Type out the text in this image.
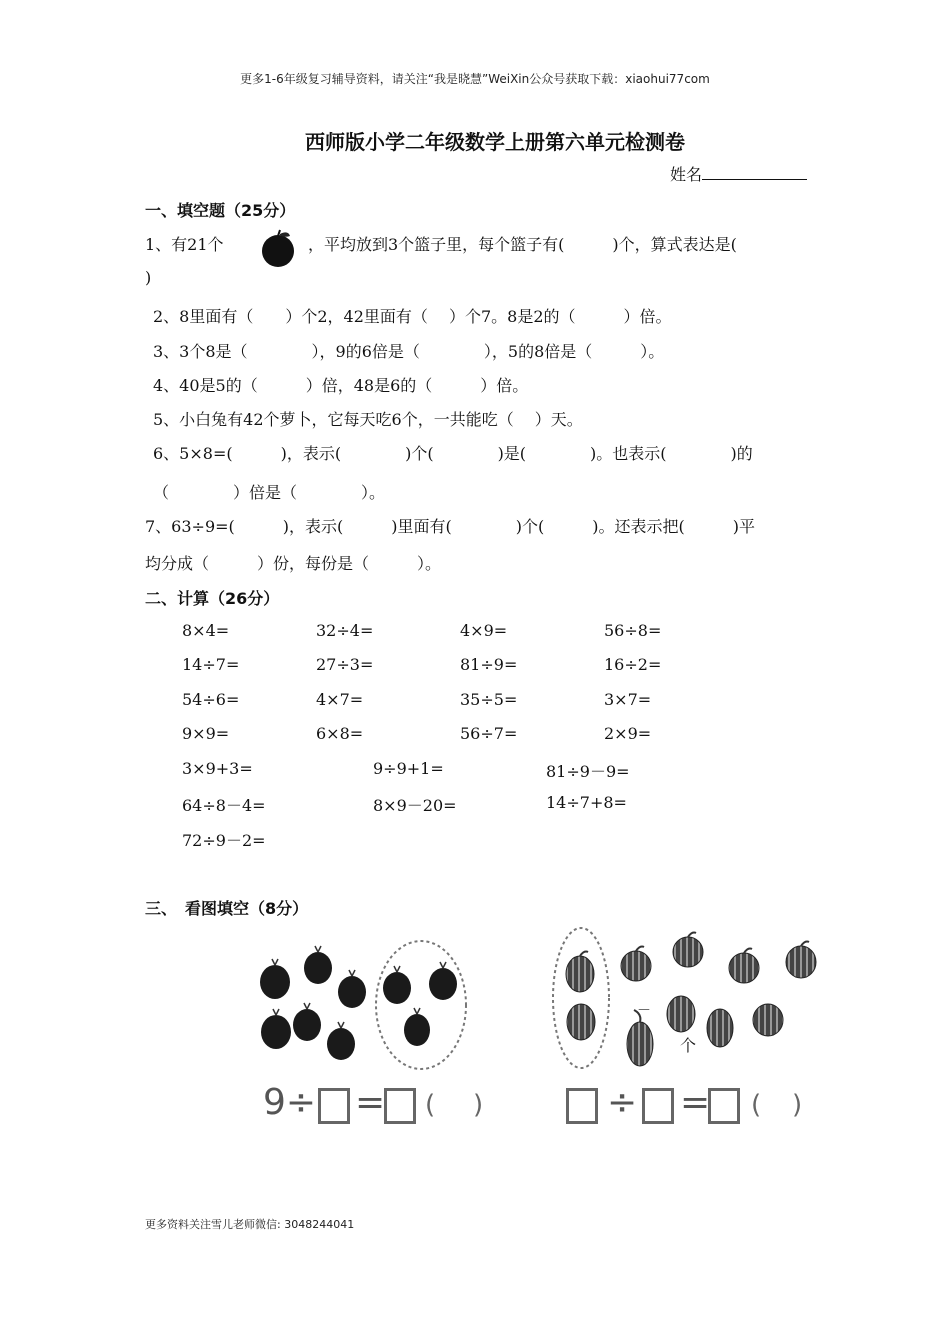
更多1-6年级复习辅导资料，请关注“我是晓慧”WeiXin公众号获取下载：xiaohui77com
西师版小学二年级数学上册第六单元检测卷
姓名
一、填空题（25分）
1、有21个	，平均放到3个篮子里，每个篮子有(　　　)个，算式表达是(
)
2、8里面有（　　）个2，42里面有（　 ）个7。8是2的（　　　）倍。
3、3个8是（　　　　），9的6倍是（　　　　），5的8倍是（　　　）。
4、40是5的（　　　）倍，48是6的（　　　）倍。
5、小白兔有42个萝卜，它每天吃6个，一共能吃（　 ）天。
6、5×8=(　　　)，表示(　　　　)个(　　　　)是(　　　　)。也表示(　　　　)的
（　　　　）倍是（　　　　）。
7、63÷9=(　　　)，表示(　　　)里面有(　　　　)个(　　　)。还表示把(　　　)平
均分成（　　　）份，每份是（　　　）。
二、计算（26分）
8×4=	32÷4=	4×9=	56÷8=
14÷7=	27÷3=	81÷9=	16÷2=
54÷6=	4×7=	35÷5=	3×7=
9×9=	6×8=	56÷7=	2×9=
3×9+3=	9÷9+1=	81÷9－9=
64÷8－4=	8×9－20=	14÷7+8=
72÷9－2=
三、　看图填空（8分）
9÷ = ( )
－
个
÷ = ( )
更多资料关注雪儿老师微信: 3048244041
